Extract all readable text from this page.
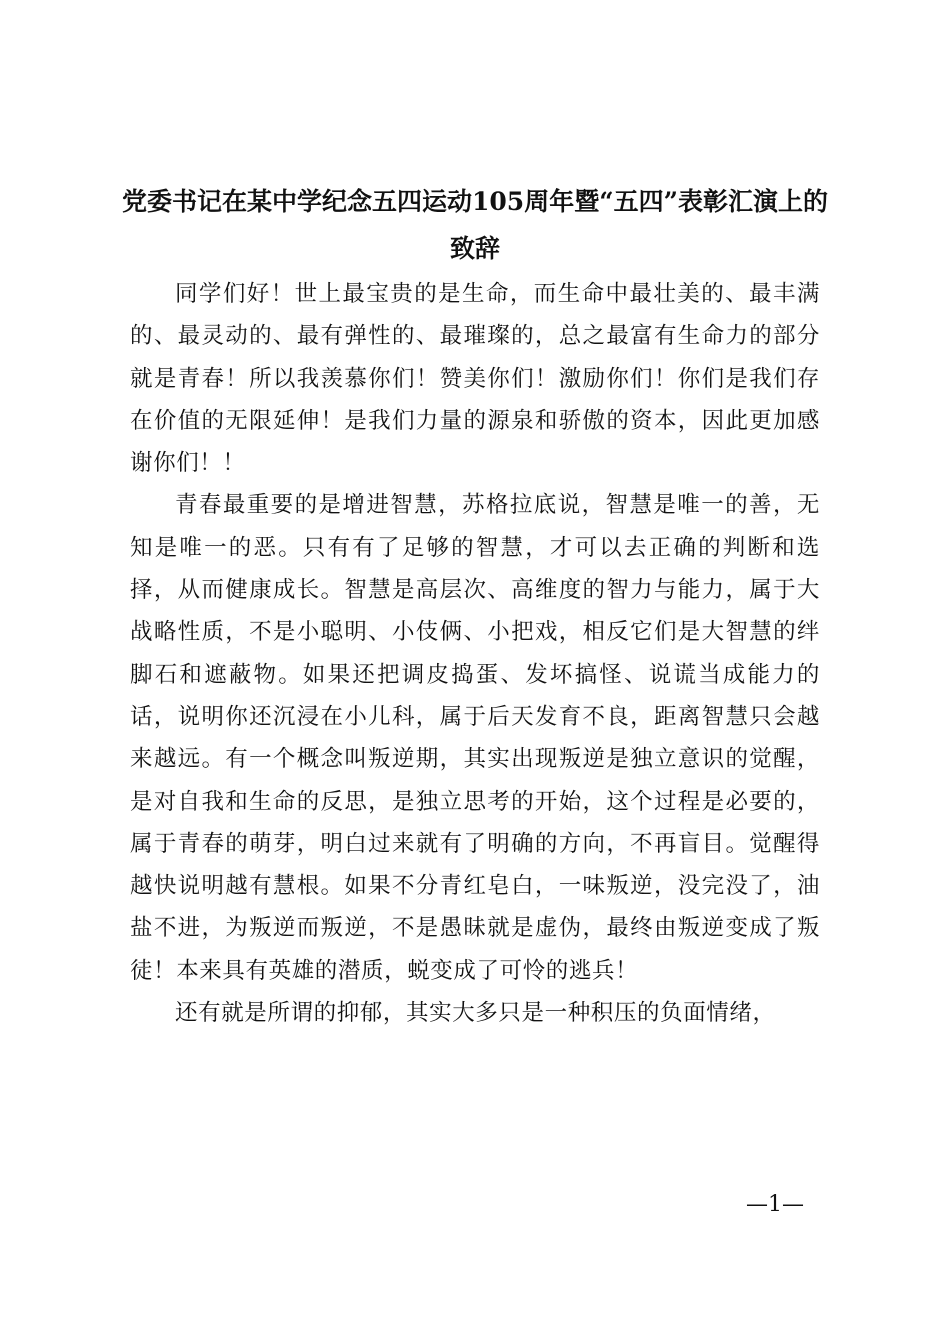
党委书记在某中学纪念五四运动105周年暨“五四”表彰汇演上的致辞

同学们好！世上最宝贵的是生命，而生命中最壮美的、最丰满的、最灵动的、最有弹性的、最璀璨的，总之最富有生命力的部分就是青春！所以我羡慕你们！赞美你们！激励你们！你们是我们存在价值的无限延伸！是我们力量的源泉和骄傲的资本，因此更加感谢你们！！

青春最重要的是增进智慧，苏格拉底说，智慧是唯一的善，无知是唯一的恶。只有有了足够的智慧，才可以去正确的判断和选择，从而健康成长。智慧是高层次、高维度的智力与能力，属于大战略性质，不是小聪明、小伎俩、小把戏，相反它们是大智慧的绊脚石和遮蔽物。如果还把调皮捣蛋、发坏搞怪、说谎当成能力的话，说明你还沉浸在小儿科，属于后天发育不良，距离智慧只会越来越远。有一个概念叫叛逆期，其实出现叛逆是独立意识的觉醒，是对自我和生命的反思，是独立思考的开始，这个过程是必要的，属于青春的萌芽，明白过来就有了明确的方向，不再盲目。觉醒得越快说明越有慧根。如果不分青红皂白，一味叛逆，没完没了，油盐不进，为叛逆而叛逆，不是愚昧就是虚伪，最终由叛逆变成了叛徒！本来具有英雄的潜质，蜕变成了可怜的逃兵！

还有就是所谓的抑郁，其实大多只是一种积压的负面情绪，

—1—
